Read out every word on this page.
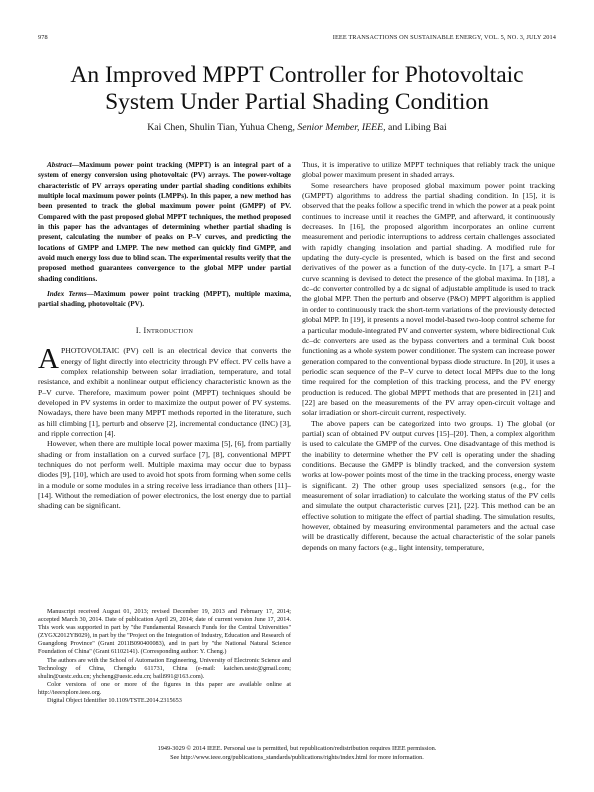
978	IEEE TRANSACTIONS ON SUSTAINABLE ENERGY, VOL. 5, NO. 3, JULY 2014
An Improved MPPT Controller for Photovoltaic
System Under Partial Shading Condition
Kai Chen, Shulin Tian, Yuhua Cheng, Senior Member, IEEE, and Libing Bai

Abstract—Maximum power point tracking (MPPT) is an integral part of a system of energy conversion using photovoltaic (PV) arrays. The power-voltage characteristic of PV arrays operating under partial shading conditions exhibits multiple local maximum power points (LMPPs). In this paper, a new method has been presented to track the global maximum power point (GMPP) of PV. Compared with the past proposed global MPPT techniques, the method proposed in this paper has the advantages of determining whether partial shading is present, calculating the number of peaks on P–V curves, and predicting the locations of GMPP and LMPP. The new method can quickly find GMPP, and avoid much energy loss due to blind scan. The experimental results verify that the proposed method guarantees convergence to the global MPP under partial shading conditions.

Index Terms—Maximum power point tracking (MPPT), multiple maxima, partial shading, photovoltaic (PV).

I. Introduction

APHOTOVOLTAIC (PV) cell is an electrical device that converts the energy of light directly into electricity through PV effect. PV cells have a complex relationship between solar irradiation, temperature, and total resistance, and exhibit a nonlinear output efficiency characteristic known as the P–V curve. Therefore, maximum power point (MPPT) techniques should be developed in PV systems in order to maximize the output power of PV systems. Nowadays, there have been many MPPT methods reported in the literature, such as hill climbing [1], perturb and observe [2], incremental conductance (INC) [3], and ripple correction [4].

However, when there are multiple local power maxima [5], [6], from partially shading or from installation on a curved surface [7], [8], conventional MPPT techniques do not perform well. Multiple maxima may occur due to bypass diodes [9], [10], which are used to avoid hot spots from forming when some cells in a module or some modules in a string receive less irradiance than others [11]–[14]. Without the remediation of power electronics, the lost energy due to partial shading can be significant.

Manuscript received August 01, 2013; revised December 19, 2013 and February 17, 2014; accepted March 30, 2014. Date of publication April 29, 2014; date of current version June 17, 2014. This work was supported in part by "the Fundamental Research Funds for the Central Universities" (ZYGX2012YB029), in part by the "Project on the Integration of Industry, Education and Research of Guangdong Province" (Grant 2011B090400083), and in part by "the National Natural Science Foundation of China" (Grant 61102141). (Corresponding author: Y. Cheng.)

The authors are with the School of Automation Engineering, University of Electronic Science and Technology of China, Chengdu 611731, China (e-mail: kaichen.uestc@gmail.com; shulin@uestc.edu.cn; yhcheng@uestc.edu.cn; baili991@163.com).

Color versions of one or more of the figures in this paper are available online at http://ieeexplore.ieee.org.

Digital Object Identifier 10.1109/TSTE.2014.2315653

Thus, it is imperative to utilize MPPT techniques that reliably track the unique global power maximum present in shaded arrays.

Some researchers have proposed global maximum power point tracking (GMPPT) algorithms to address the partial shading condition. In [15], it is observed that the peaks follow a specific trend in which the power at a peak point continues to increase until it reaches the GMPP, and afterward, it continuously decreases. In [16], the proposed algorithm incorporates an online current measurement and periodic interruptions to address certain challenges associated with rapidly changing insolation and partial shading. A modified rule for updating the duty-cycle is presented, which is based on the first and second derivatives of the power as a function of the duty-cycle. In [17], a smart P–I curve scanning is devised to detect the presence of the global maxima. In [18], a dc–dc converter controlled by a dc signal of adjustable amplitude is used to track the global MPP. Then the perturb and observe (P&O) MPPT algorithm is applied in order to continuously track the short-term variations of the previously detected global MPP. In [19], it presents a novel model-based two-loop control scheme for a particular module-integrated PV and converter system, where bidirectional Cuk dc–dc converters are used as the bypass converters and a terminal Cuk boost functioning as a whole system power conditioner. The system can increase power generation compared to the conventional bypass diode structure. In [20], it uses a periodic scan sequence of the P–V curve to detect local MPPs due to the long time required for the completion of this tracking process, and the PV energy production is reduced. The global MPPT methods that are presented in [21] and [22] are based on the measurements of the PV array open-circuit voltage and solar irradiation or short-circuit current, respectively.

The above papers can be categorized into two groups. 1) The global (or partial) scan of obtained PV output curves [15]–[20]. Then, a complex algorithm is used to calculate the GMPP of the curves. One disadvantage of this method is the inability to determine whether the PV cell is operating under the shading conditions. Because the GMPP is blindly tracked, and the conversion system works at low-power points most of the time in the tracking process, energy waste is significant. 2) The other group uses specialized sensors (e.g., for the measurement of solar irradiation) to calculate the working status of the PV cells and simulate the output characteristic curves [21], [22]. This method can be an effective solution to mitigate the effect of partial shading. The simulation results, however, obtained by measuring environmental parameters and the actual case will be drastically different, because the actual characteristic of the solar panels depends on many factors (e.g., light intensity, temperature,

1949-3029 © 2014 IEEE. Personal use is permitted, but republication/redistribution requires IEEE permission.
See http://www.ieee.org/publications_standards/publications/rights/index.html for more information.
